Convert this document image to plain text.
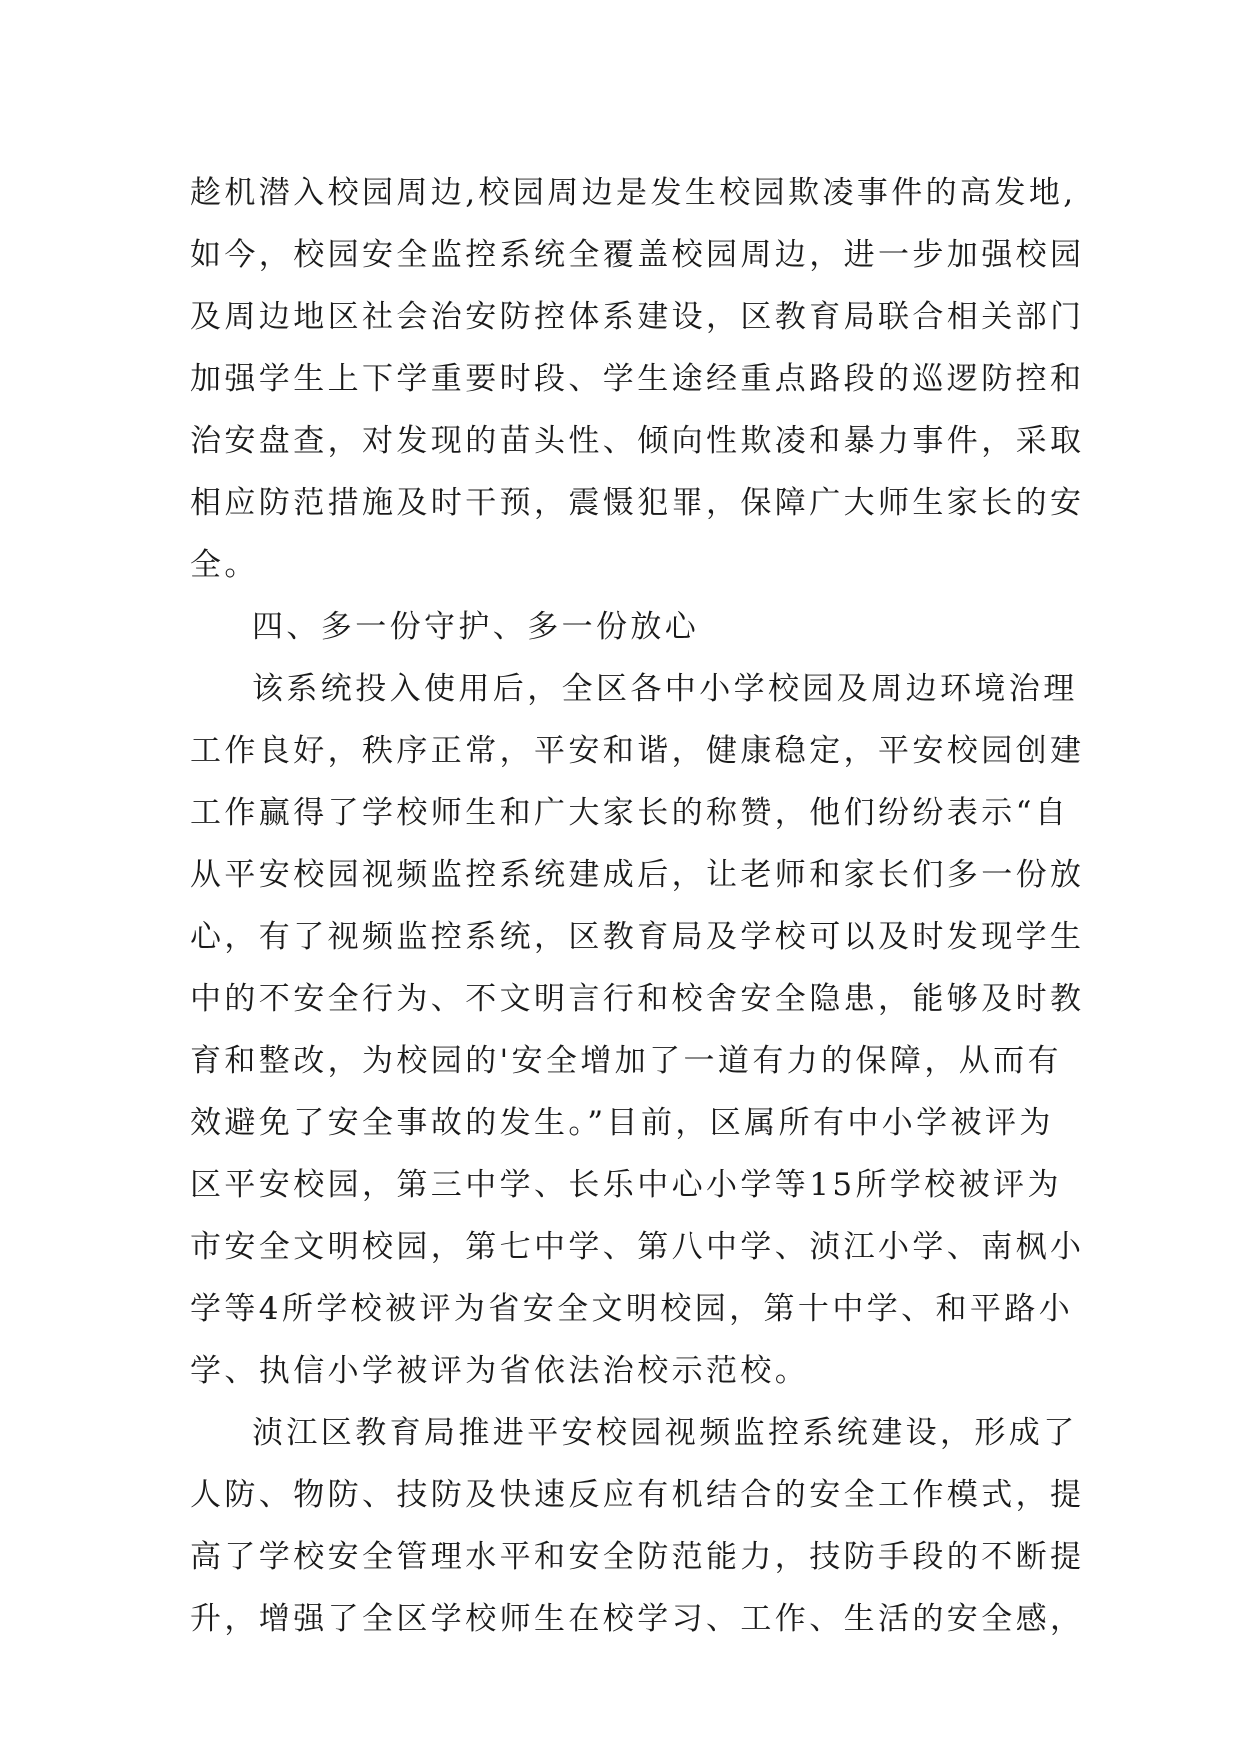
趁机潜入校园周边,校园周边是发生校园欺凌事件的高发地,
如今，校园安全监控系统全覆盖校园周边，进一步加强校园
及周边地区社会治安防控体系建设，区教育局联合相关部门
加强学生上下学重要时段、学生途经重点路段的巡逻防控和
治安盘查，对发现的苗头性、倾向性欺凌和暴力事件，采取
相应防范措施及时干预，震慑犯罪，保障广大师生家长的安
全。
四、多一份守护、多一份放心
该系统投入使用后，全区各中小学校园及周边环境治理
工作良好，秩序正常，平安和谐，健康稳定，平安校园创建
工作赢得了学校师生和广大家长的称赞，他们纷纷表示“自
从平安校园视频监控系统建成后，让老师和家长们多一份放
心，有了视频监控系统，区教育局及学校可以及时发现学生
中的不安全行为、不文明言行和校舍安全隐患，能够及时教
育和整改，为校园的'安全增加了一道有力的保障，从而有
效避免了安全事故的发生。”目前，区属所有中小学被评为
区平安校园，第三中学、长乐中心小学等15所学校被评为
市安全文明校园，第七中学、第八中学、浈江小学、南枫小
学等4所学校被评为省安全文明校园，第十中学、和平路小
学、执信小学被评为省依法治校示范校。
浈江区教育局推进平安校园视频监控系统建设，形成了
人防、物防、技防及快速反应有机结合的安全工作模式，提
高了学校安全管理水平和安全防范能力，技防手段的不断提
升，增强了全区学校师生在校学习、工作、生活的安全感，
